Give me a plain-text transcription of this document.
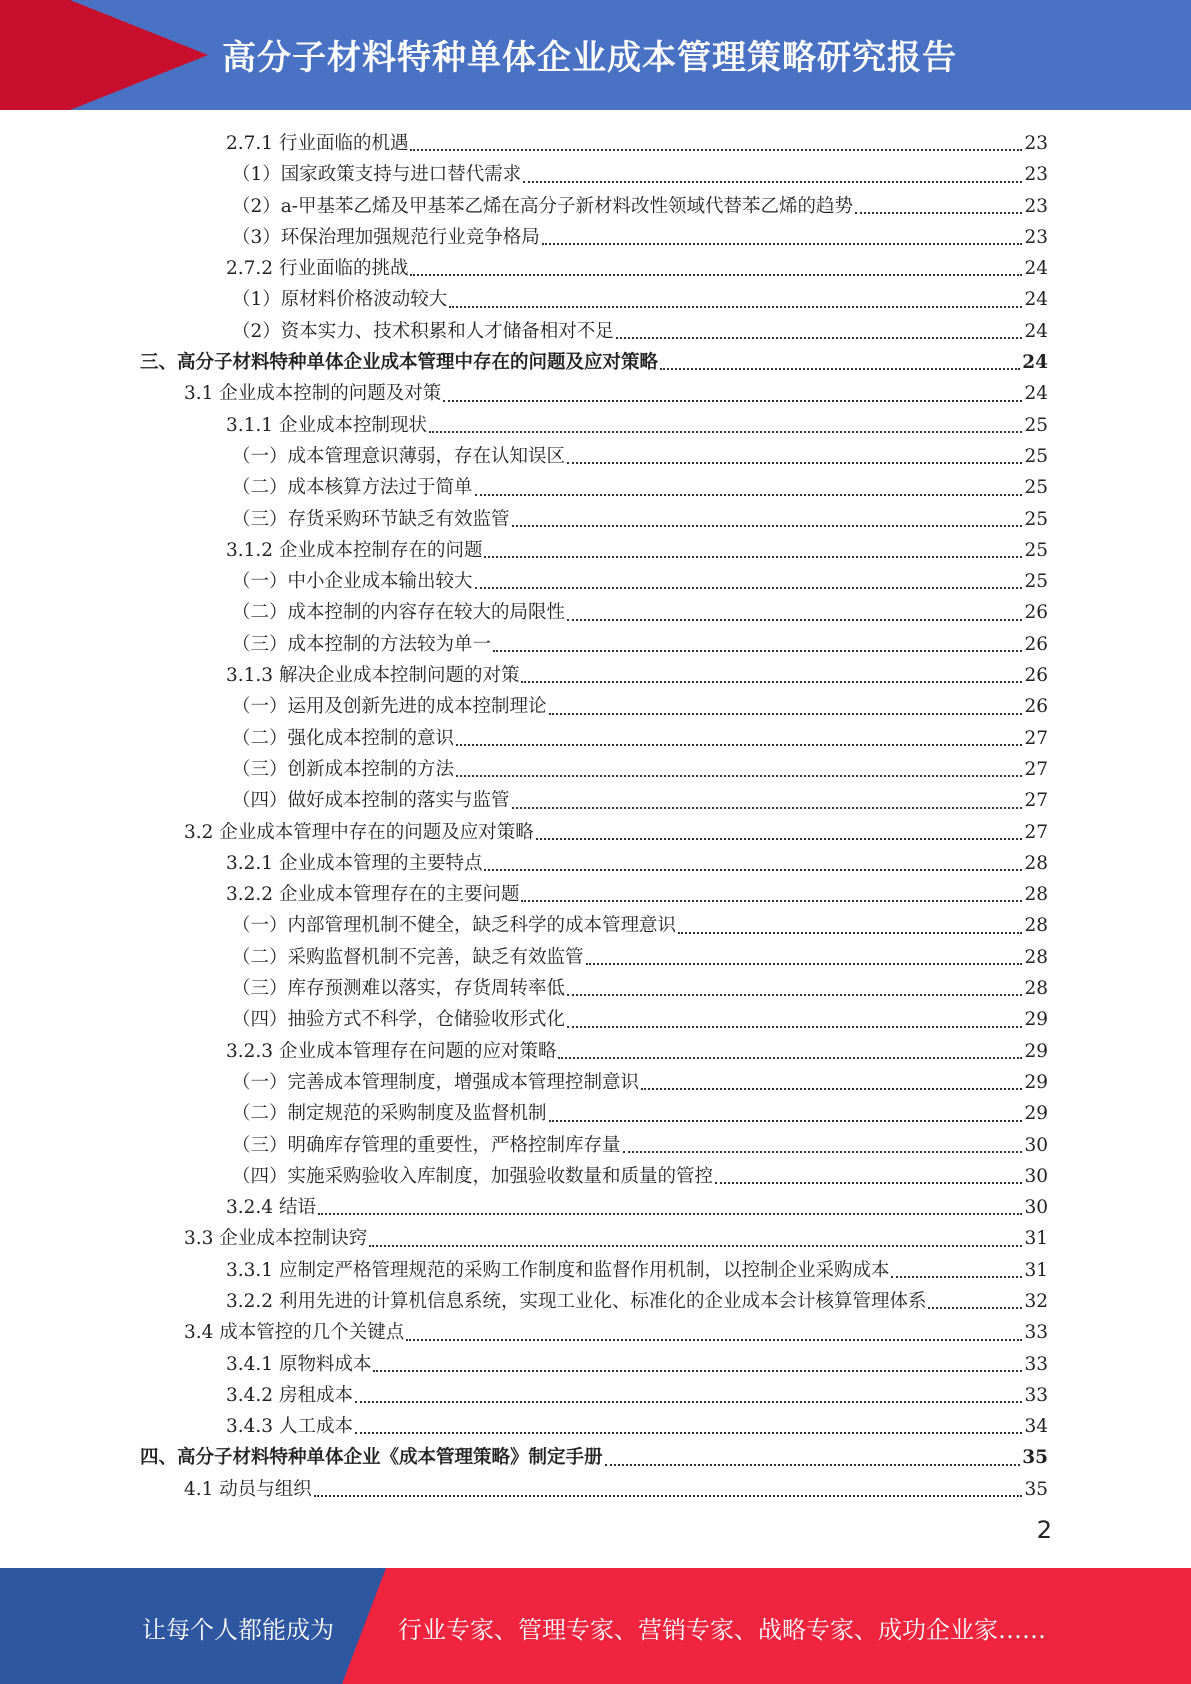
高分子材料特种单体企业成本管理策略研究报告
2.7.1 行业面临的机遇	23
（1）国家政策支持与进口替代需求	23
（2）a-甲基苯乙烯及甲基苯乙烯在高分子新材料改性领域代替苯乙烯的趋势	23
（3）环保治理加强规范行业竞争格局	23
2.7.2 行业面临的挑战	24
（1）原材料价格波动较大	24
（2）资本实力、技术积累和人才储备相对不足	24
三、高分子材料特种单体企业成本管理中存在的问题及应对策略	24
3.1 企业成本控制的问题及对策	24
3.1.1 企业成本控制现状	25
（一）成本管理意识薄弱，存在认知误区	25
（二）成本核算方法过于简单	25
（三）存货采购环节缺乏有效监管	25
3.1.2 企业成本控制存在的问题	25
（一）中小企业成本输出较大	25
（二）成本控制的内容存在较大的局限性	26
（三）成本控制的方法较为单一	26
3.1.3 解决企业成本控制问题的对策	26
（一）运用及创新先进的成本控制理论	26
（二）强化成本控制的意识	27
（三）创新成本控制的方法	27
（四）做好成本控制的落实与监管	27
3.2 企业成本管理中存在的问题及应对策略	27
3.2.1 企业成本管理的主要特点	28
3.2.2 企业成本管理存在的主要问题	28
（一）内部管理机制不健全，缺乏科学的成本管理意识	28
（二）采购监督机制不完善，缺乏有效监管	28
（三）库存预测难以落实，存货周转率低	28
（四）抽验方式不科学，仓储验收形式化	29
3.2.3 企业成本管理存在问题的应对策略	29
（一）完善成本管理制度，增强成本管理控制意识	29
（二）制定规范的采购制度及监督机制	29
（三）明确库存管理的重要性，严格控制库存量	30
（四）实施采购验收入库制度，加强验收数量和质量的管控	30
3.2.4 结语	30
3.3 企业成本控制诀窍	31
3.3.1 应制定严格管理规范的采购工作制度和监督作用机制，以控制企业采购成本	31
3.2.2 利用先进的计算机信息系统，实现工业化、标准化的企业成本会计核算管理体系	32
3.4 成本管控的几个关键点	33
3.4.1 原物料成本	33
3.4.2 房租成本	33
3.4.3 人工成本	34
四、高分子材料特种单体企业《成本管理策略》制定手册	35
4.1 动员与组织	35
2
让每个人都能成为	行业专家、管理专家、营销专家、战略专家、成功企业家……
